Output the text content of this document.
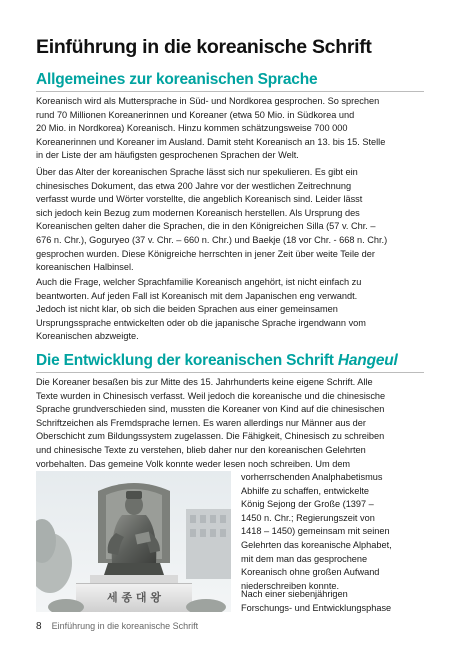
Einführung in die koreanische Schrift
Allgemeines zur koreanischen Sprache
Koreanisch wird als Muttersprache in Süd- und Nordkorea gesprochen. So sprechen
rund 70 Millionen Koreanerinnen und Koreaner (etwa 50 Mio. in Südkorea und
20 Mio. in Nordkorea) Koreanisch. Hinzu kommen schätzungsweise 700 000
Koreanerinnen und Koreaner im Ausland. Damit steht Koreanisch an 13. bis 15. Stelle
in der Liste der am häufigsten gesprochenen Sprachen der Welt.
Über das Alter der koreanischen Sprache lässt sich nur spekulieren. Es gibt ein
chinesisches Dokument, das etwa 200 Jahre vor der westlichen Zeitrechnung
verfasst wurde und Wörter vorstellte, die angeblich Koreanisch sind. Leider lässt
sich jedoch kein Bezug zum modernen Koreanisch herstellen. Als Ursprung des
Koreanischen gelten daher die Sprachen, die in den Königreichen Silla (57 v. Chr. –
676 n. Chr.), Goguryeo (37 v. Chr. – 660 n. Chr.) und Baekje (18 vor Chr. - 668 n. Chr.)
gesprochen wurden. Diese Königreiche herrschten in jener Zeit über weite Teile der
koreanischen Halbinsel.
Auch die Frage, welcher Sprachfamilie Koreanisch angehört, ist nicht einfach zu
beantworten. Auf jeden Fall ist Koreanisch mit dem Japanischen eng verwandt.
Jedoch ist nicht klar, ob sich die beiden Sprachen aus einer gemeinsamen
Ursprungssprache entwickelten oder ob die japanische Sprache irgendwann vom
Koreanischen abzweigte.
Die Entwicklung der koreanischen Schrift Hangeul
Die Koreaner besaßen bis zur Mitte des 15. Jahrhunderts keine eigene Schrift. Alle
Texte wurden in Chinesisch verfasst. Weil jedoch die koreanische und die chinesische
Sprache grundverschieden sind, mussten die Koreaner von Kind auf die chinesischen
Schriftzeichen als Fremdsprache lernen. Es waren allerdings nur Männer aus der
Oberschicht zum Bildungssystem zugelassen. Die Fähigkeit, Chinesisch zu schreiben
und chinesische Texte zu verstehen, blieb daher nur den koreanischen Gelehrten
vorbehalten. Das gemeine Volk konnte weder lesen noch schreiben. Um dem
vorherrschenden Analphabetismus
Abhilfe zu schaffen, entwickelte
König Sejong der Große (1397 –
1450 n. Chr.; Regierungszeit von
1418 – 1450) gemeinsam mit seinen
Gelehrten das koreanische Alphabet,
mit dem man das gesprochene
Koreanisch ohne großen Aufwand
niederschreiben konnte.
Nach einer siebenjährigen
Forschungs- und Entwicklungsphase
세 종 대 왕
8 Einführung in die koreanische Schrift
